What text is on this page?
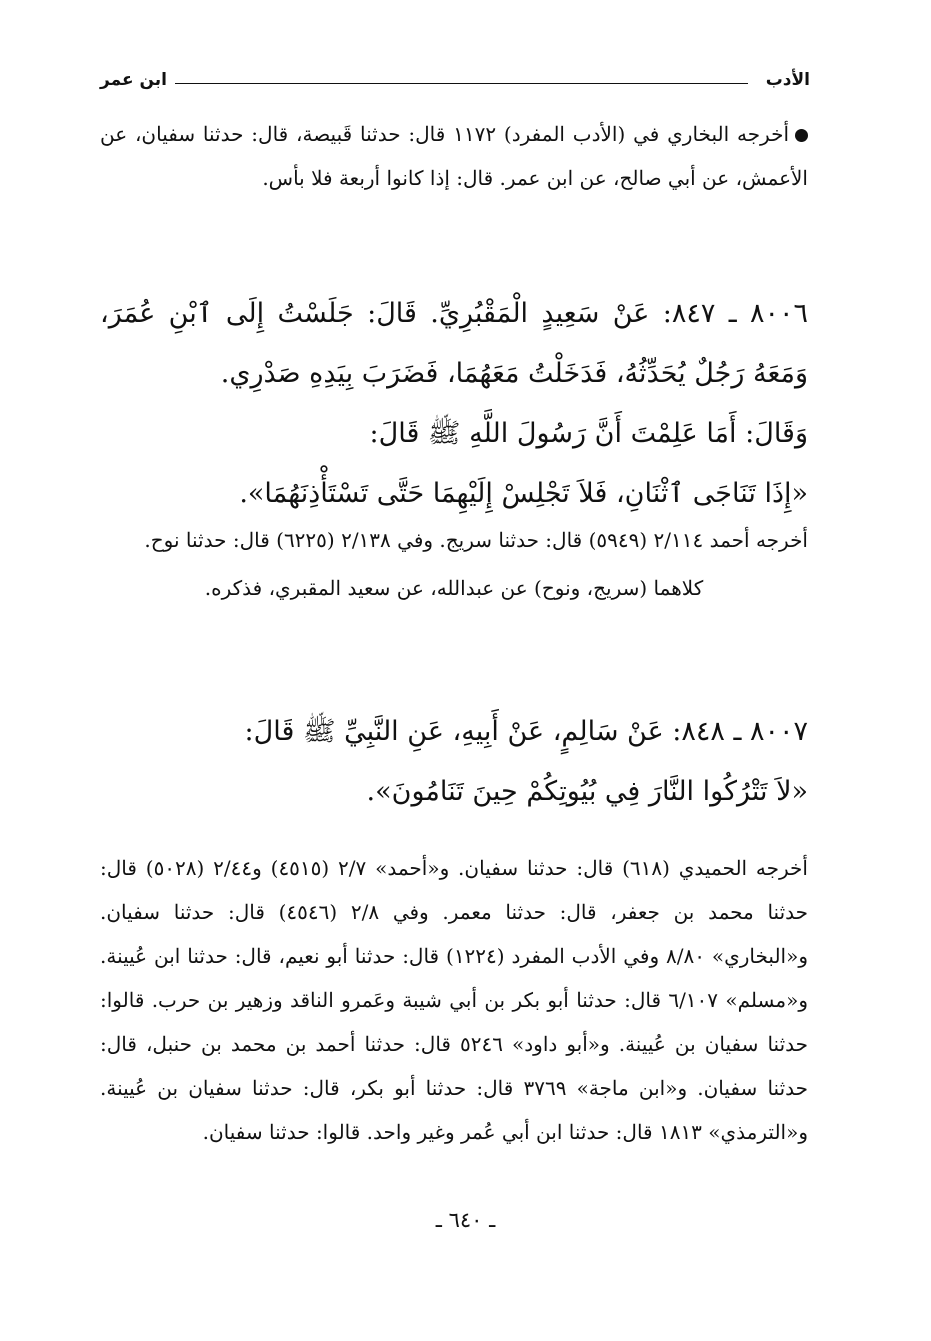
الأدب
ابن عمر

أخرجه البخاري في (الأدب المفرد) ١١٧٢ قال: حدثنا قَبيصة، قال: حدثنا سفيان، عن الأعمش، عن أبي صالح، عن ابن عمر. قال: إذا كانوا أربعة فلا بأس.

٨٠٠٦ ـ ٨٤٧: عَنْ سَعِيدٍ الْمَقْبُرِيِّ. قَالَ: جَلَسْتُ إِلَى ٱبْنِ عُمَرَ، وَمَعَهُ رَجُلٌ يُحَدِّثُهُ، فَدَخَلْتُ مَعَهُمَا، فَضَرَبَ بِيَدِهِ صَدْرِي.

وَقَالَ: أَمَا عَلِمْتَ أَنَّ رَسُولَ اللَّهِ ﷺ قَالَ:

«إِذَا تَنَاجَى ٱثْنَانِ، فَلاَ تَجْلِسْ إِلَيْهِمَا حَتَّى تَسْتَأْذِنَهُمَا».

أخرجه أحمد ٢/١١٤ (٥٩٤٩) قال: حدثنا سريج. وفي ٢/١٣٨ (٦٢٢٥) قال: حدثنا نوح.

كلاهما (سريج، ونوح) عن عبدالله، عن سعيد المقبري، فذكره.

٨٠٠٧ ـ ٨٤٨: عَنْ سَالِمٍ، عَنْ أَبِيهِ، عَنِ النَّبِيِّ ﷺ قَالَ:

«لاَ تَتْرُكُوا النَّارَ فِي بُيُوتِكُمْ حِينَ تَنَامُونَ».

أخرجه الحميدي (٦١٨) قال: حدثنا سفيان. و«أحمد» ٢/٧ (٤٥١٥) و٢/٤٤ (٥٠٢٨) قال: حدثنا محمد بن جعفر، قال: حدثنا معمر. وفي ٢/٨ (٤٥٤٦) قال: حدثنا سفيان. و«البخاري» ٨/٨٠ وفي الأدب المفرد (١٢٢٤) قال: حدثنا أبو نعيم، قال: حدثنا ابن عُيينة. و«مسلم» ٦/١٠٧ قال: حدثنا أبو بكر بن أبي شيبة وعَمرو الناقد وزهير بن حرب. قالوا: حدثنا سفيان بن عُيينة. و«أبو داود» ٥٢٤٦ قال: حدثنا أحمد بن محمد بن حنبل، قال: حدثنا سفيان. و«ابن ماجة» ٣٧٦٩ قال: حدثنا أبو بكر، قال: حدثنا سفيان بن عُيينة. و«الترمذي» ١٨١٣ قال: حدثنا ابن أبي عُمر وغير واحد. قالوا: حدثنا سفيان.

ـ ٦٤٠ ـ
